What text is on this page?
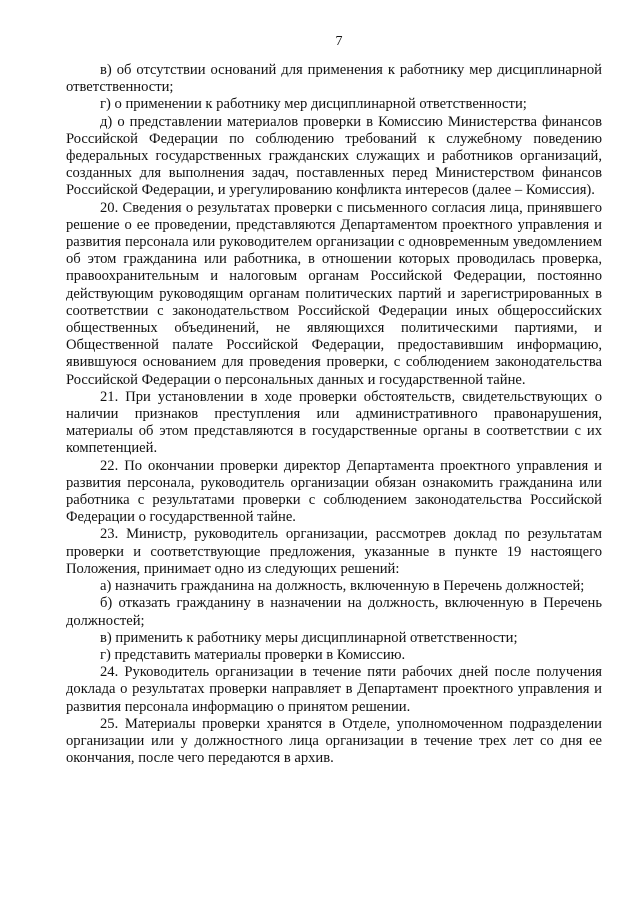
7

в) об отсутствии оснований для применения к работнику мер дисциплинарной ответственности;

г) о применении к работнику мер дисциплинарной ответственности;

д) о представлении материалов проверки в Комиссию Министерства финансов Российской Федерации по соблюдению требований к служебному поведению федеральных государственных гражданских служащих и работников организаций, созданных для выполнения задач, поставленных перед Министерством финансов Российской Федерации, и урегулированию конфликта интересов (далее – Комиссия).

20. Сведения о результатах проверки с письменного согласия лица, принявшего решение о ее проведении, представляются Департаментом проектного управления и развития персонала или руководителем организации с одновременным уведомлением об этом гражданина или работника, в отношении которых проводилась проверка, правоохранительным и налоговым органам Российской Федерации, постоянно действующим руководящим органам политических партий и зарегистрированных в соответствии с законодательством Российской Федерации иных общероссийских общественных объединений, не являющихся политическими партиями, и Общественной палате Российской Федерации, предоставившим информацию, явившуюся основанием для проведения проверки, с соблюдением законодательства Российской Федерации о персональных данных и государственной тайне.

21. При установлении в ходе проверки обстоятельств, свидетельствующих о наличии признаков преступления или административного правонарушения, материалы об этом представляются в государственные органы в соответствии с их компетенцией.

22. По окончании проверки директор Департамента проектного управления и развития персонала, руководитель организации обязан ознакомить гражданина или работника с результатами проверки с соблюдением законодательства Российской Федерации о государственной тайне.

23. Министр, руководитель организации, рассмотрев доклад по результатам проверки и соответствующие предложения, указанные в пункте 19 настоящего Положения, принимает одно из следующих решений:

а) назначить гражданина на должность, включенную в Перечень должностей;

б) отказать гражданину в назначении на должность, включенную в Перечень должностей;

в) применить к работнику меры дисциплинарной ответственности;

г) представить материалы проверки в Комиссию.

24. Руководитель организации в течение пяти рабочих дней после получения доклада о результатах проверки направляет в Департамент проектного управления и развития персонала информацию о принятом решении.

25. Материалы проверки хранятся в Отделе, уполномоченном подразделении организации или у должностного лица организации в течение трех лет со дня ее окончания, после чего передаются в архив.
